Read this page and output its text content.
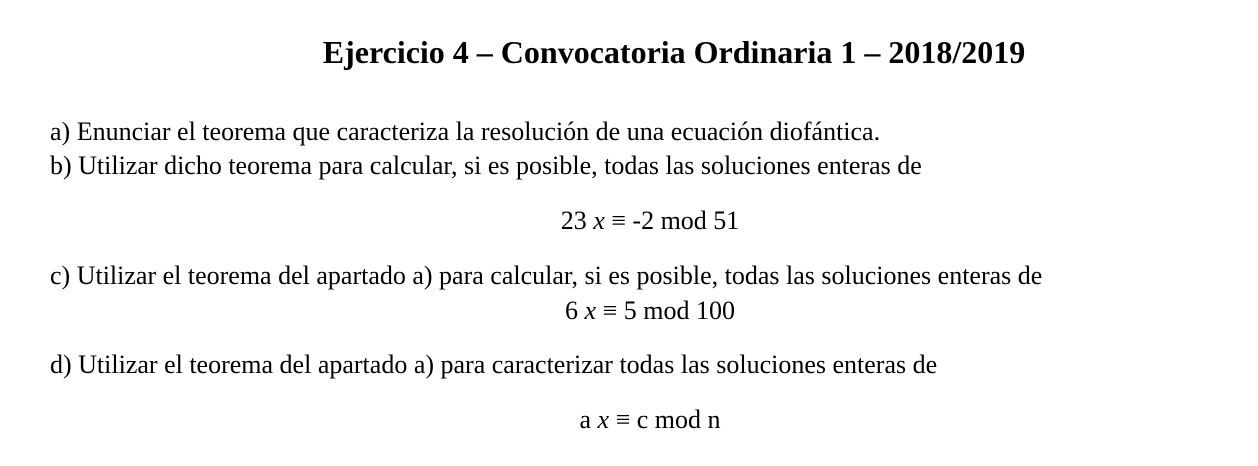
Ejercicio 4 – Convocatoria Ordinaria 1 – 2018/2019
a) Enunciar el teorema que caracteriza la resolución de una ecuación diofántica.
b) Utilizar dicho teorema para calcular, si es posible, todas las soluciones enteras de
23 x ≡ -2 mod 51
c) Utilizar el teorema del apartado a) para calcular, si es posible, todas las soluciones enteras de
6 x ≡ 5 mod 100
d) Utilizar el teorema del apartado a) para caracterizar todas las soluciones enteras de
a x ≡ c mod n
